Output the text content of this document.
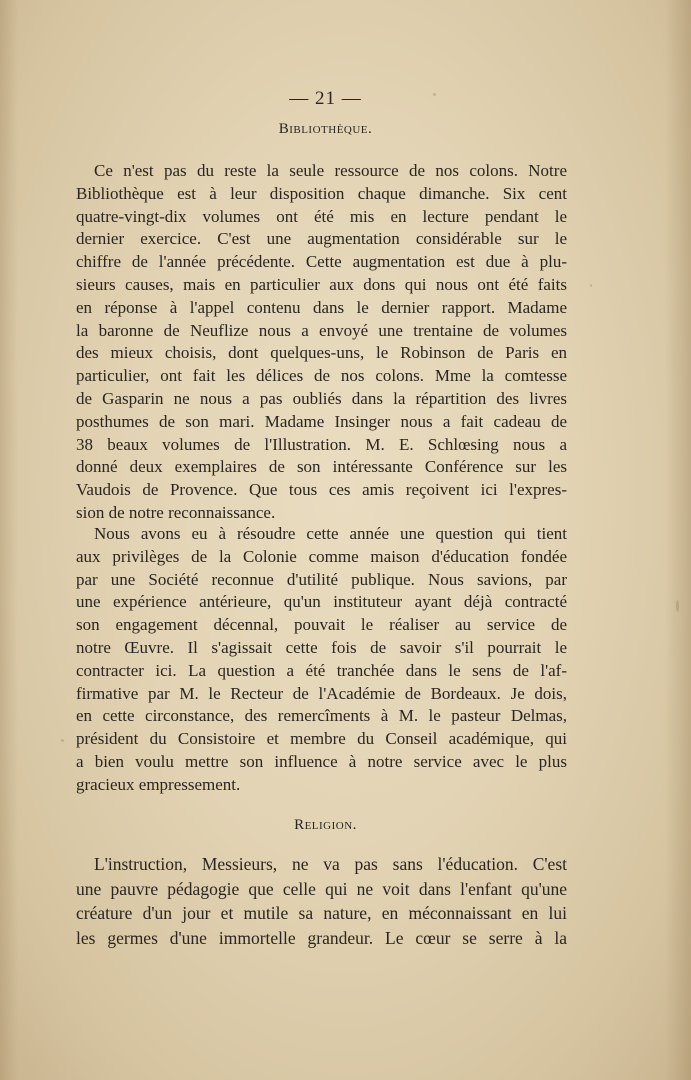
— 21 —
Bibliothèque.
Ce n'est pas du reste la seule ressource de nos colons. Notre
Bibliothèque est à leur disposition chaque dimanche. Six cent
quatre-vingt-dix volumes ont été mis en lecture pendant le
dernier exercice. C'est une augmentation considérable sur le
chiffre de l'année précédente. Cette augmentation est due à plu-
sieurs causes, mais en particulier aux dons qui nous ont été faits
en réponse à l'appel contenu dans le dernier rapport. Madame
la baronne de Neuflize nous a envoyé une trentaine de volumes
des mieux choisis, dont quelques-uns, le Robinson de Paris en
particulier, ont fait les délices de nos colons. Mme la comtesse
de Gasparin ne nous a pas oubliés dans la répartition des livres
posthumes de son mari. Madame Insinger nous a fait cadeau de
38 beaux volumes de l'Illustration. M. E. Schlœsing nous a
donné deux exemplaires de son intéressante Conférence sur les
Vaudois de Provence. Que tous ces amis reçoivent ici l'expres-
sion de notre reconnaissance.
Nous avons eu à résoudre cette année une question qui tient
aux privilèges de la Colonie comme maison d'éducation fondée
par une Société reconnue d'utilité publique. Nous savions, par
une expérience antérieure, qu'un instituteur ayant déjà contracté
son engagement décennal, pouvait le réaliser au service de
notre Œuvre. Il s'agissait cette fois de savoir s'il pourrait le
contracter ici. La question a été tranchée dans le sens de l'af-
firmative par M. le Recteur de l'Académie de Bordeaux. Je dois,
en cette circonstance, des remercîments à M. le pasteur Delmas,
président du Consistoire et membre du Conseil académique, qui
a bien voulu mettre son influence à notre service avec le plus
gracieux empressement.
Religion.
L'instruction, Messieurs, ne va pas sans l'éducation. C'est
une pauvre pédagogie que celle qui ne voit dans l'enfant qu'une
créature d'un jour et mutile sa nature, en méconnaissant en lui
les germes d'une immortelle grandeur. Le cœur se serre à la
